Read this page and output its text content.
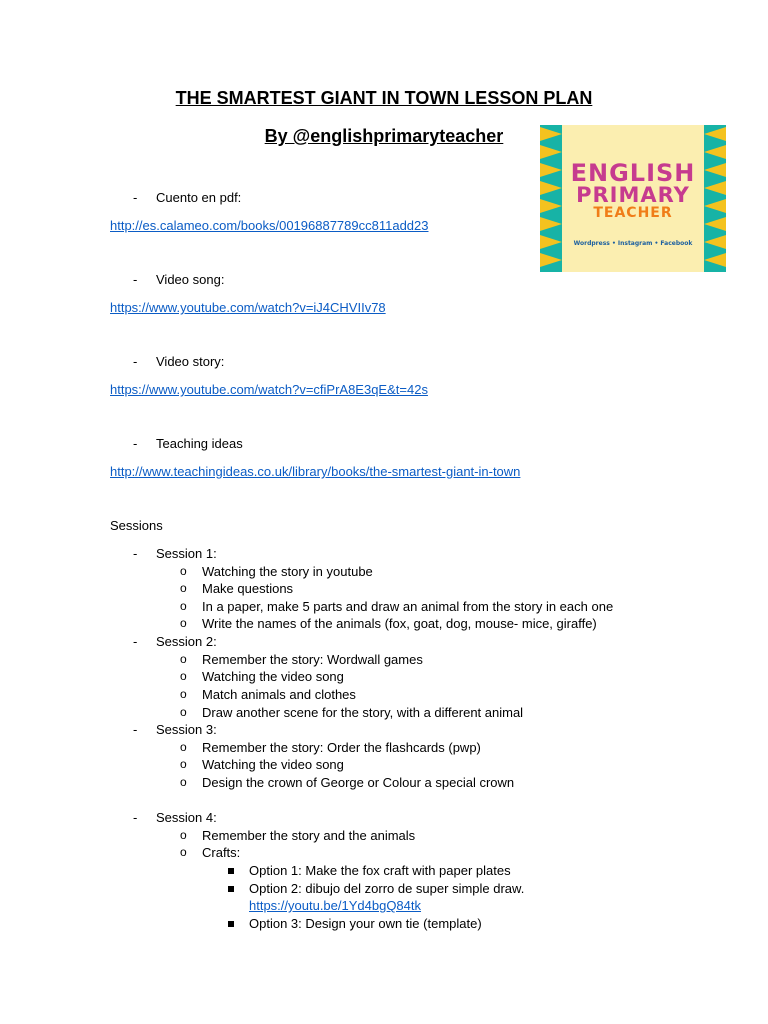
THE SMARTEST GIANT IN TOWN LESSON PLAN
By @englishprimaryteacher
ENGLISH
PRIMARY
TEACHER
Wordpress • Instagram • Facebook
- Cuento en pdf:
http://es.calameo.com/books/00196887789cc811add23
- Video song:
https://www.youtube.com/watch?v=iJ4CHVIIv78
- Video story:
https://www.youtube.com/watch?v=cfiPrA8E3qE&t=42s
- Teaching ideas
http://www.teachingideas.co.uk/library/books/the-smartest-giant-in-town
Sessions
- Session 1:
o Watching the story in youtube
o Make questions
o In a paper, make 5 parts and draw an animal from the story in each one
o Write the names of the animals (fox, goat, dog, mouse- mice, giraffe)
- Session 2:
o Remember the story: Wordwall games
o Watching the video song
o Match animals and clothes
o Draw another scene for the story, with a different animal
- Session 3:
o Remember the story: Order the flashcards (pwp)
o Watching the video song
o Design the crown of George or Colour a special crown
- Session 4:
o Remember the story and the animals
o Crafts:
Option 1: Make the fox craft with paper plates
Option 2: dibujo del zorro de super simple draw.
https://youtu.be/1Yd4bgQ84tk
Option 3: Design your own tie (template)
